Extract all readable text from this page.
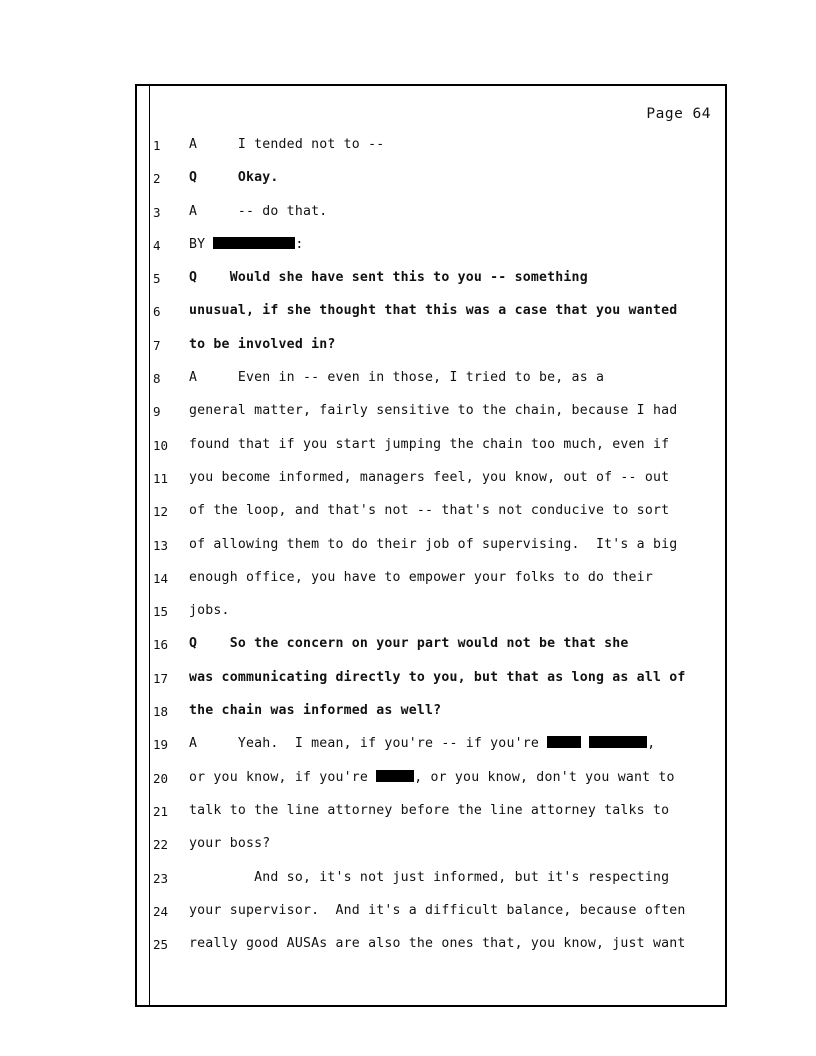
Page 64
1	A     I tended not to --
2	Q     Okay.
3	A     -- do that.
4	BY	:
5	Q    Would she have sent this to you -- something
6	unusual, if she thought that this was a case that you wanted
7	to be involved in?
8	A     Even in -- even in those, I tried to be, as a
9	general matter, fairly sensitive to the chain, because I had
10	found that if you start jumping the chain too much, even if
11	you become informed, managers feel, you know, out of -- out
12	of the loop, and that's not -- that's not conducive to sort
13	of allowing them to do their job of supervising.  It's a big
14	enough office, you have to empower your folks to do their
15	jobs.
16	Q    So the concern on your part would not be that she
17	was communicating directly to you, but that as long as all of
18	the chain was informed as well?
19	A     Yeah.  I mean, if you're -- if you're	,
20	or you know, if you're	, or you know, don't you want to
21	talk to the line attorney before the line attorney talks to
22	your boss?
23	And so, it's not just informed, but it's respecting
24	your supervisor.  And it's a difficult balance, because often
25	really good AUSAs are also the ones that, you know, just want
